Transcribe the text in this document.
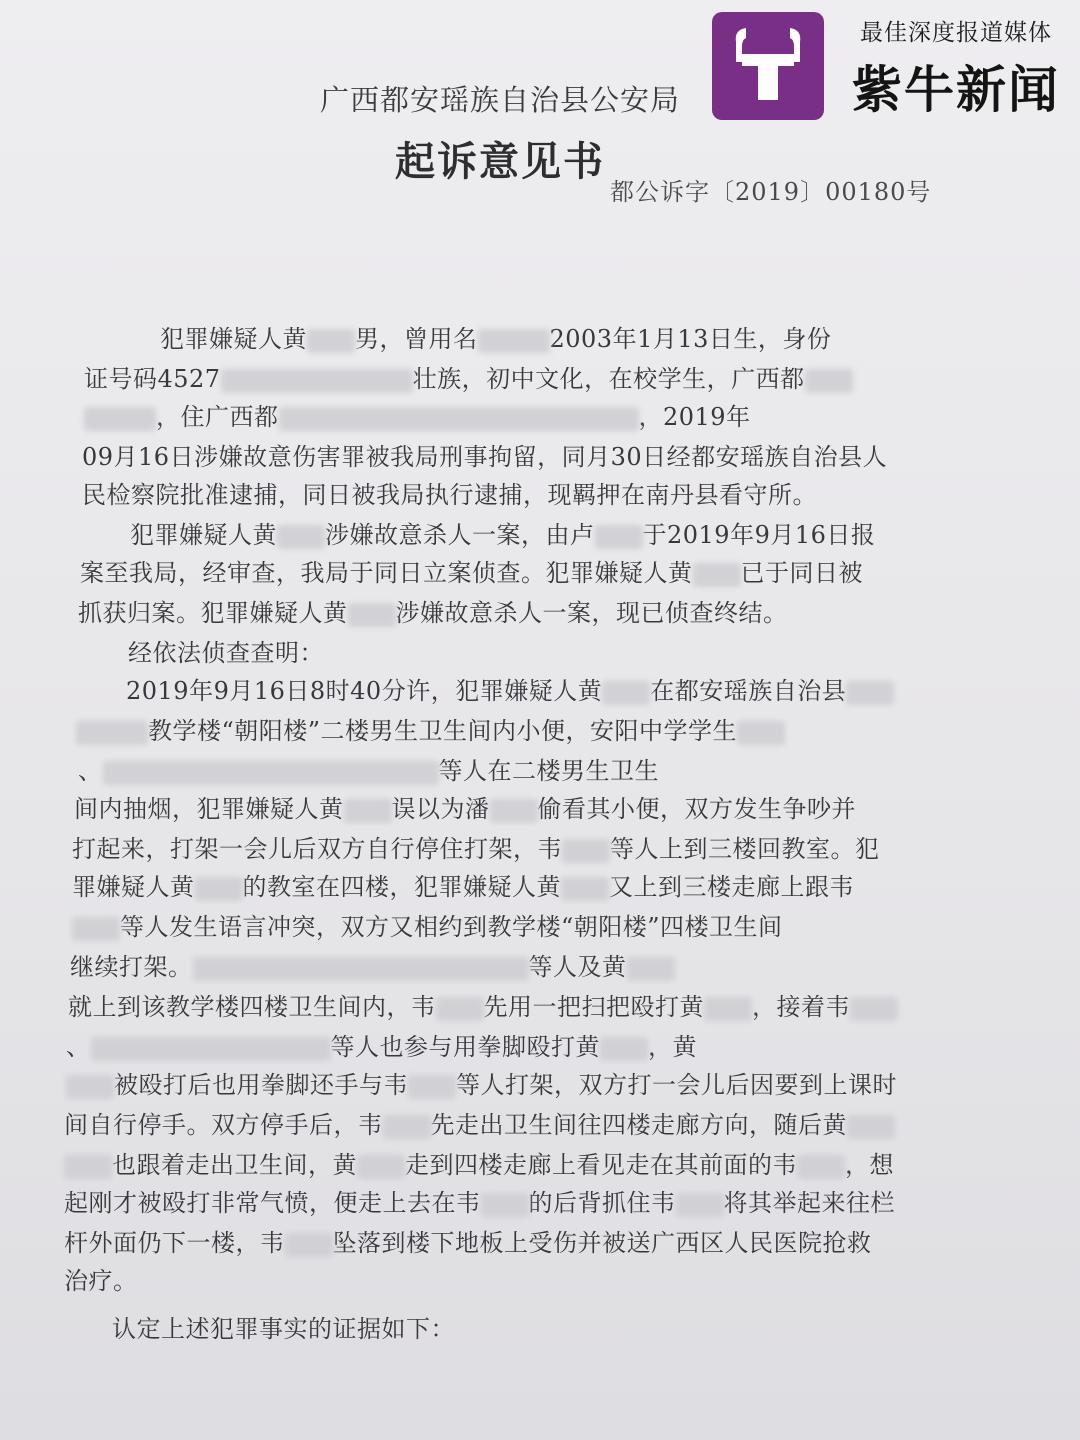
最佳深度报道媒体
紫牛新闻
广西都安瑶族自治县公安局
起诉意见书
都公诉字〔2019〕00180号
犯罪嫌疑人黄 男，曾用名	2003年1月13日生，身份
证号码4527	壮族，初中文化，在校学生，广西都
，住广西都	，2019年
09月16日涉嫌故意伤害罪被我局刑事拘留，同月30日经都安瑶族自治县人
民检察院批准逮捕，同日被我局执行逮捕，现羁押在南丹县看守所。
犯罪嫌疑人黄 涉嫌故意杀人一案，由卢 于2019年9月16日报
案至我局，经审查，我局于同日立案侦查。犯罪嫌疑人黄 已于同日被
抓获归案。犯罪嫌疑人黄 涉嫌故意杀人一案，现已侦查终结。
经依法侦查查明：
2019年9月16日8时40分许，犯罪嫌疑人黄 在都安瑶族自治县
教学楼“朝阳楼”二楼男生卫生间内小便，安阳中学学生
、	等人在二楼男生卫生
间内抽烟，犯罪嫌疑人黄 误以为潘 偷看其小便，双方发生争吵并
打起来，打架一会儿后双方自行停住打架，韦 等人上到三楼回教室。犯
罪嫌疑人黄 的教室在四楼，犯罪嫌疑人黄 又上到三楼走廊上跟韦
等人发生语言冲突，双方又相约到教学楼“朝阳楼”四楼卫生间
继续打架。	等人及黄
就上到该教学楼四楼卫生间内，韦 先用一把扫把殴打黄 ，接着韦
、	等人也参与用拳脚殴打黄 ，黄
被殴打后也用拳脚还手与韦 等人打架，双方打一会儿后因要到上课时
间自行停手。双方停手后，韦 先走出卫生间往四楼走廊方向，随后黄
也跟着走出卫生间，黄 走到四楼走廊上看见走在其前面的韦 ，想
起刚才被殴打非常气愤，便走上去在韦 的后背抓住韦 将其举起来往栏
杆外面仍下一楼，韦 坠落到楼下地板上受伤并被送广西区人民医院抢救
治疗。
认定上述犯罪事实的证据如下：
